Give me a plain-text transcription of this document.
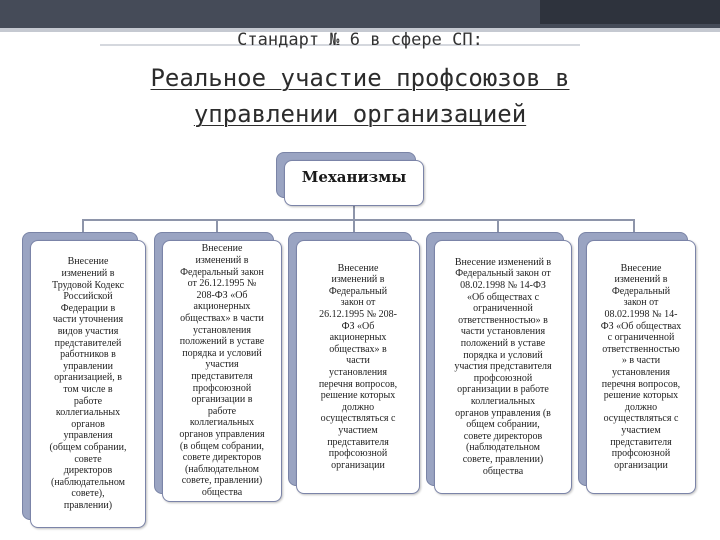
Стандарт № 6 в сфере СП:
Реальное участие профсоюзов в
управлении организацией
Механизмы
Внесение
изменений в
Трудовой Кодекс
Российской
Федерации в
части уточнения
видов участия
представителей
работников в
управлении
организацией, в
том числе в
работе
коллегиальных
органов
управления
(общем собрании,
совете
директоров
(наблюдательном
совете),
правлении)
Внесение
изменений в
Федеральный закон
от 26.12.1995 №
208-ФЗ «Об
акционерных
обществах» в части
установления
положений в уставе
порядка и условий
участия
представителя
профсоюзной
организации в
работе
коллегиальных
органов управления
(в общем собрании,
совете директоров
(наблюдательном
совете, правлении)
общества
Внесение
изменений в
Федеральный
закон от
26.12.1995 № 208-
ФЗ «Об
акционерных
обществах» в
части
установления
перечня вопросов,
решение которых
должно
осуществляться с
участием
представителя
профсоюзной
организации
Внесение изменений в
Федеральный закон от
08.02.1998 № 14-ФЗ
«Об обществах с
ограниченной
ответственностью» в
части установления
положений в уставе
порядка и условий
участия представителя
профсоюзной
организации в работе
коллегиальных
органов управления (в
общем собрании,
совете директоров
(наблюдательном
совете, правлении)
общества
Внесение
изменений в
Федеральный
закон от
08.02.1998 № 14-
ФЗ «Об обществах
с ограниченной
ответственностью
» в части
установления
перечня вопросов,
решение которых
должно
осуществляться с
участием
представителя
профсоюзной
организации
